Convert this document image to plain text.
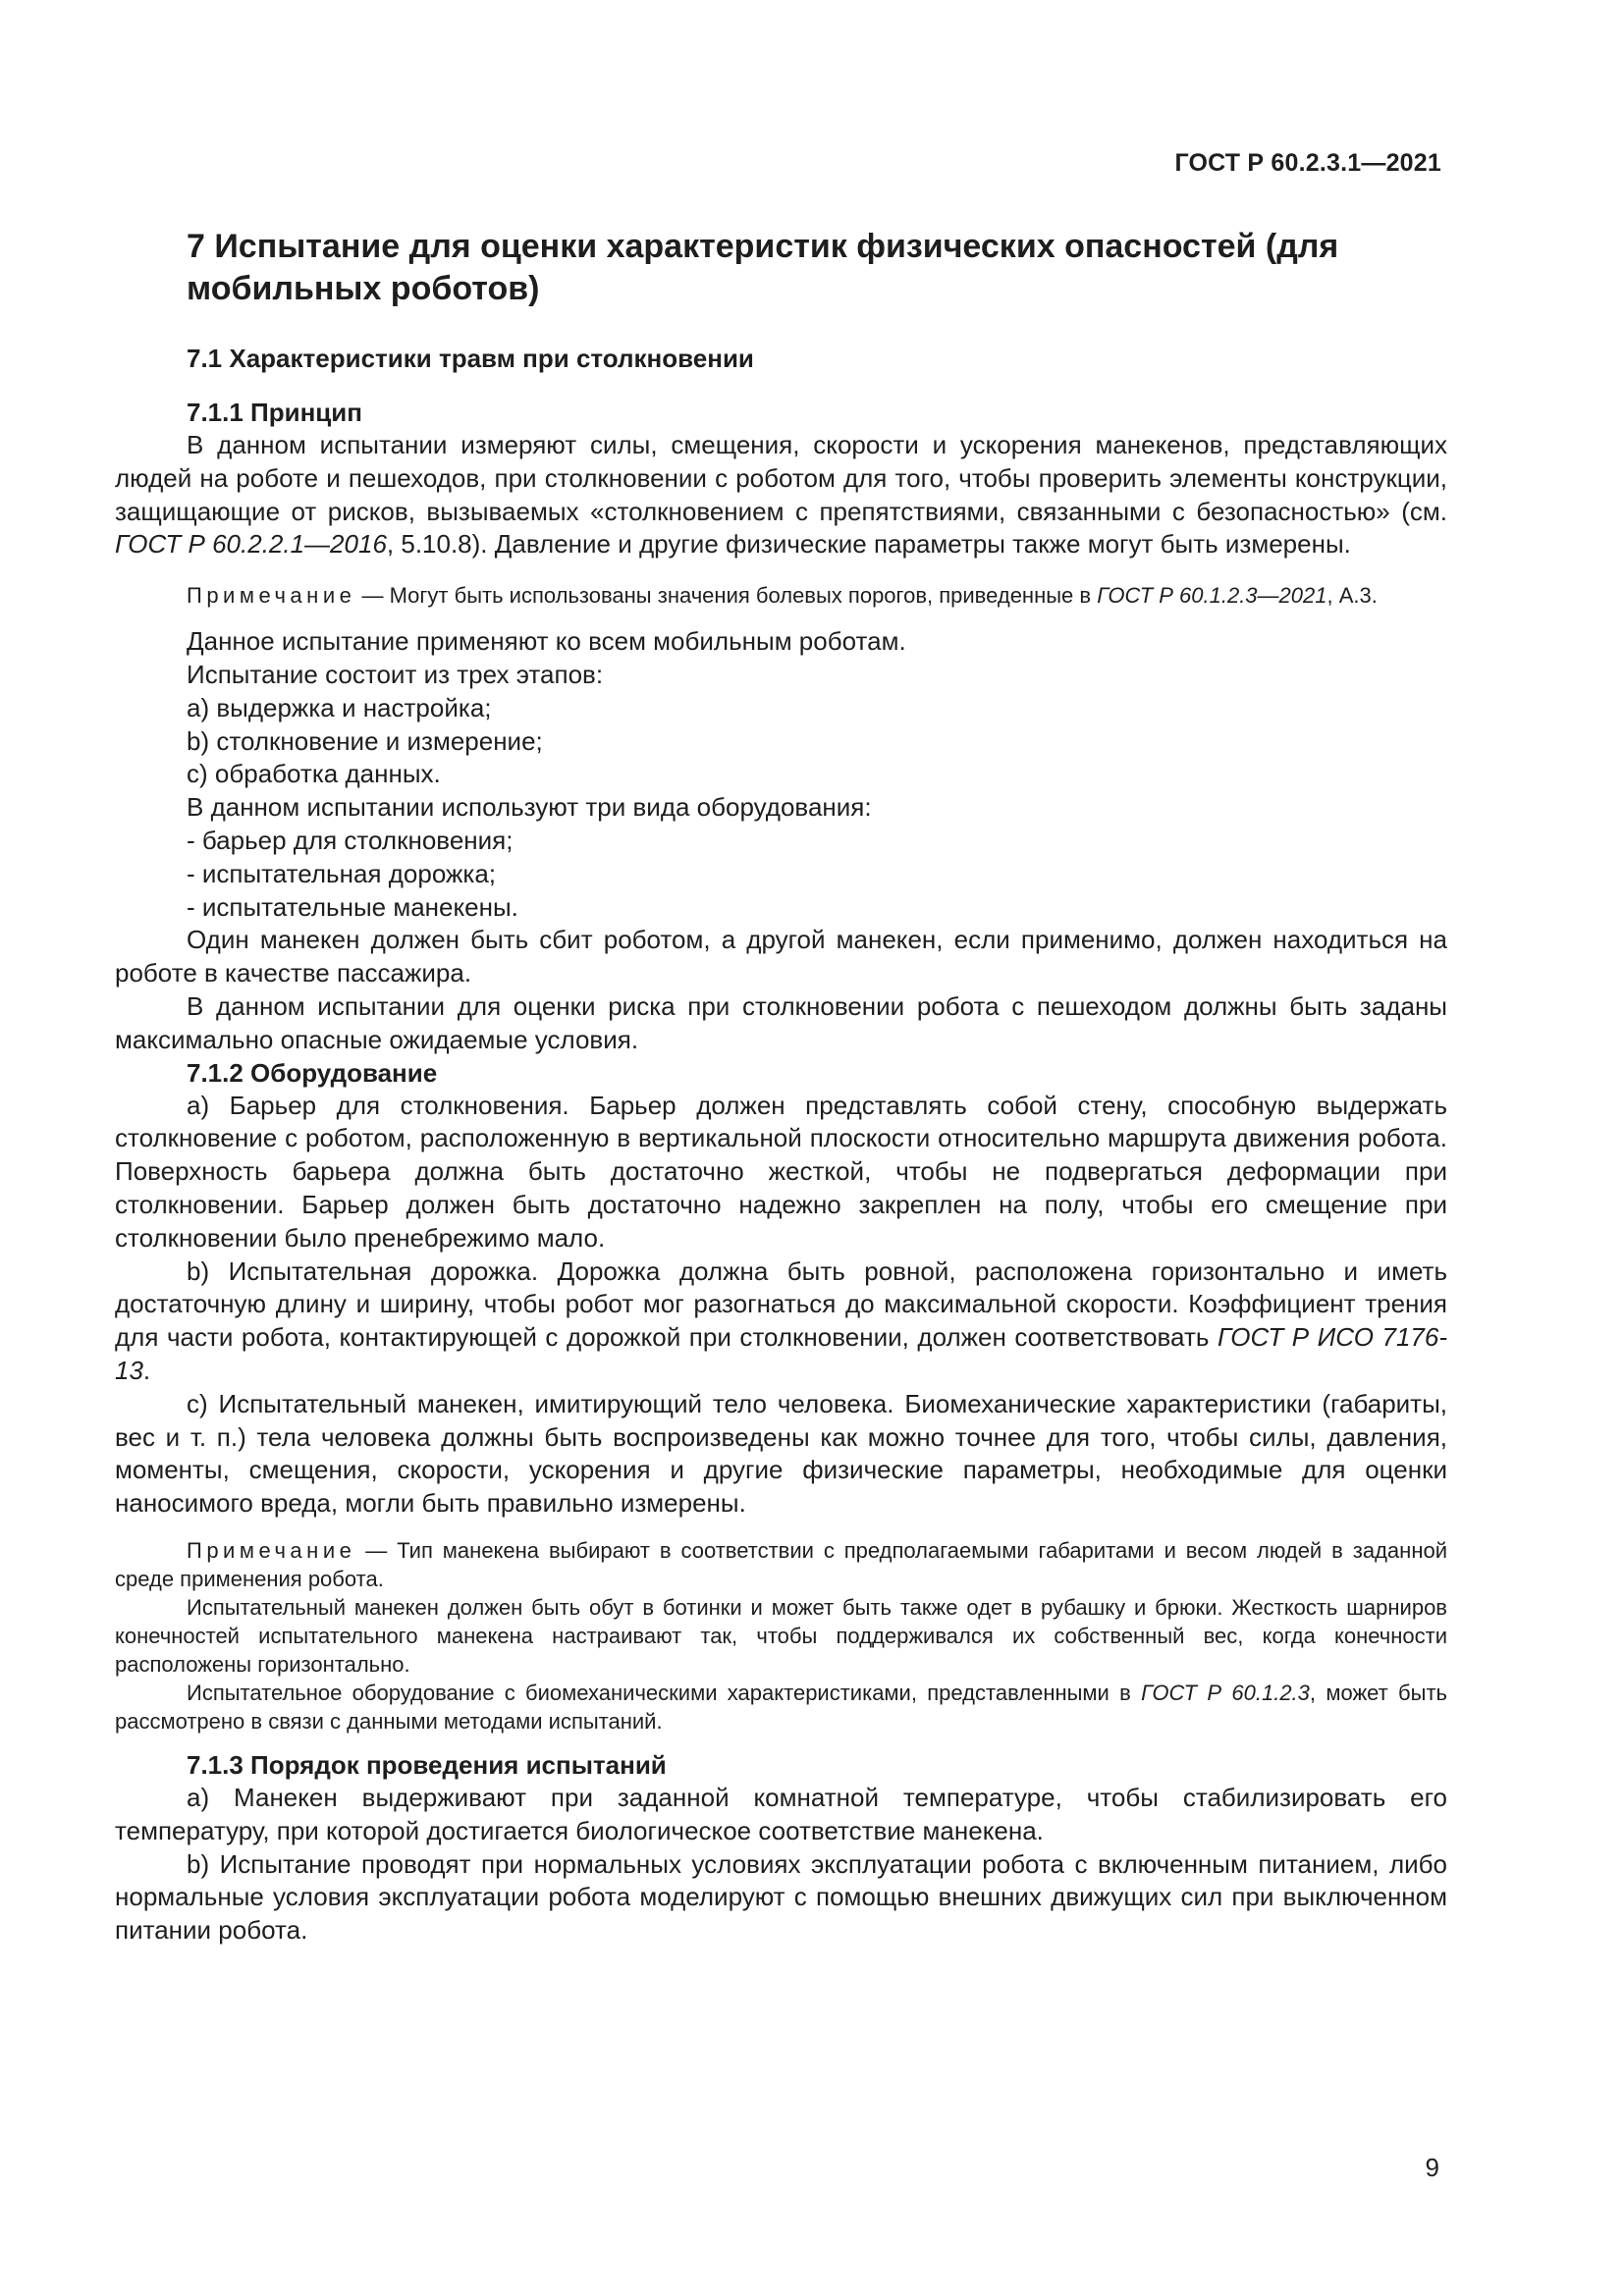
ГОСТ Р 60.2.3.1—2021
7 Испытание для оценки характеристик физических опасностей (для мобильных роботов)
7.1 Характеристики травм при столкновении
7.1.1 Принцип

В данном испытании измеряют силы, смещения, скорости и ускорения манекенов, представляющих людей на роботе и пешеходов, при столкновении с роботом для того, чтобы проверить элементы конструкции, защищающие от рисков, вызываемых «столкновением с препятствиями, связанными с безопасностью» (см. ГОСТ Р 60.2.2.1—2016, 5.10.8). Давление и другие физические параметры также могут быть измерены.

Примечание — Могут быть использованы значения болевых порогов, приведенные в ГОСТ Р 60.1.2.3—2021, А.3.

Данное испытание применяют ко всем мобильным роботам.

Испытание состоит из трех этапов:

a) выдержка и настройка;

b) столкновение и измерение;

c) обработка данных.

В данном испытании используют три вида оборудования:

- барьер для столкновения;

- испытательная дорожка;

- испытательные манекены.

Один манекен должен быть сбит роботом, а другой манекен, если применимо, должен находиться на роботе в качестве пассажира.

В данном испытании для оценки риска при столкновении робота с пешеходом должны быть заданы максимально опасные ожидаемые условия.

7.1.2 Оборудование

а) Барьер для столкновения. Барьер должен представлять собой стену, способную выдержать столкновение с роботом, расположенную в вертикальной плоскости относительно маршрута движения робота. Поверхность барьера должна быть достаточно жесткой, чтобы не подвергаться деформации при столкновении. Барьер должен быть достаточно надежно закреплен на полу, чтобы его смещение при столкновении было пренебрежимо мало.

b) Испытательная дорожка. Дорожка должна быть ровной, расположена горизонтально и иметь достаточную длину и ширину, чтобы робот мог разогнаться до максимальной скорости. Коэффициент трения для части робота, контактирующей с дорожкой при столкновении, должен соответствовать ГОСТ Р ИСО 7176-13.

c) Испытательный манекен, имитирующий тело человека. Биомеханические характеристики (габариты, вес и т. п.) тела человека должны быть воспроизведены как можно точнее для того, чтобы силы, давления, моменты, смещения, скорости, ускорения и другие физические параметры, необходимые для оценки наносимого вреда, могли быть правильно измерены.

Примечание — Тип манекена выбирают в соответствии с предполагаемыми габаритами и весом людей в заданной среде применения робота.

Испытательный манекен должен быть обут в ботинки и может быть также одет в рубашку и брюки. Жесткость шарниров конечностей испытательного манекена настраивают так, чтобы поддерживался их собственный вес, когда конечности расположены горизонтально.

Испытательное оборудование с биомеханическими характеристиками, представленными в ГОСТ Р 60.1.2.3, может быть рассмотрено в связи с данными методами испытаний.

7.1.3 Порядок проведения испытаний

а) Манекен выдерживают при заданной комнатной температуре, чтобы стабилизировать его температуру, при которой достигается биологическое соответствие манекена.

b) Испытание проводят при нормальных условиях эксплуатации робота с включенным питанием, либо нормальные условия эксплуатации робота моделируют с помощью внешних движущих сил при выключенном питании робота.

9
